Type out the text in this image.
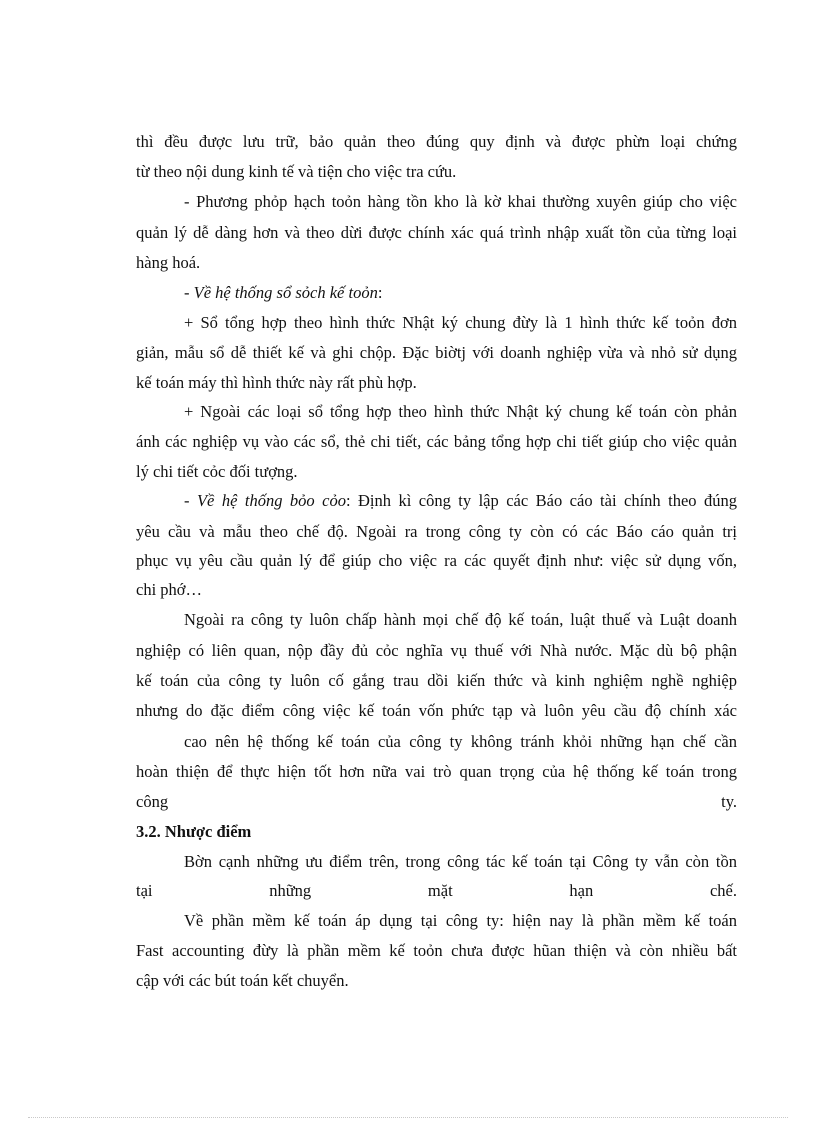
thì đều được lưu trữ, bảo quản theo đúng quy định và được phừn loại chứng
từ theo nội dung kinh tế và tiện cho việc tra cứu.
- Phương phỏp hạch toỏn hàng tồn kho là kờ khai thường xuyên giúp cho việc
quản lý dễ dàng hơn và theo dừi được chính xác quá trình nhập xuất tồn của từng loại
hàng hoá.
- Về hệ thống sổ sỏch kế toỏn:
+ Sổ tổng hợp theo hình thức Nhật ký chung đừy là 1 hình thức kế toỏn đơn
giản, mẫu sổ dễ thiết kế và ghi chộp. Đặc biờtj với doanh nghiệp vừa và nhỏ sử dụng
kế toán máy thì hình thức này rất phù hợp.
+ Ngoài các loại sổ tổng hợp theo hình thức Nhật ký chung kế toán còn phản
ánh các nghiệp vụ vào các sổ, thẻ chi tiết, các bảng tổng hợp chi tiết giúp cho việc quản
lý chi tiết cỏc đối tượng.
- Về hệ thống bỏo cỏo: Định kì công ty lập các Báo cáo tài chính theo đúng
yêu cầu và mẫu theo chế độ. Ngoài ra trong công ty còn có các Báo cáo quản trị
phục vụ yêu cầu quản lý để giúp cho việc ra các quyết định như: việc sử dụng vốn,
chi phớ…
Ngoài ra công ty luôn chấp hành mọi chế độ kế toán, luật thuế và Luật doanh
nghiệp có liên quan, nộp đầy đủ cỏc nghĩa vụ thuế với Nhà nước. Mặc dù bộ phận
kế toán của công ty luôn cố gắng trau dồi kiến thức và kinh nghiệm nghề nghiệp
nhưng do đặc điểm công việc kế toán vốn phức tạp và luôn yêu cầu độ chính xác
cao nên hệ thống kế toán của công ty không tránh khỏi những hạn chế cần
hoàn thiện để thực hiện tốt hơn nữa vai trò quan trọng của hệ thống kế toán trong
công ty.
3.2. Nhược điểm
Bờn cạnh những ưu điểm trên, trong công tác kế toán tại Công ty vẫn còn tồn
tại những mặt hạn chế.
Về phần mềm kế toán áp dụng tại công ty: hiện nay là phần mềm kế toán
Fast accounting đừy là phần mềm kế toỏn chưa được hũan thiện và còn nhiều bất
cập với các bút toán kết chuyển.
